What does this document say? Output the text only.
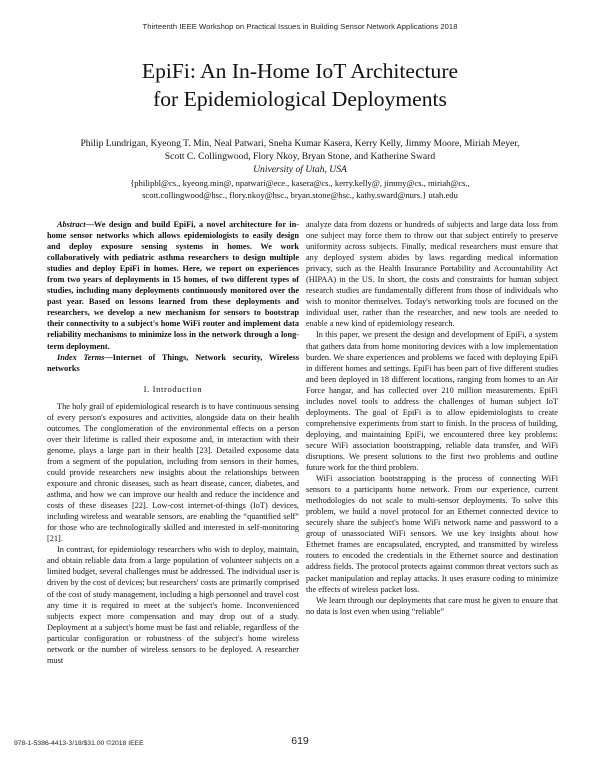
Thirteenth IEEE Workshop on Practical Issues in Building Sensor Network Applications 2018
EpiFi: An In-Home IoT Architecture
for Epidemiological Deployments
Philip Lundrigan, Kyeong T. Min, Neal Patwari, Sneha Kumar Kasera, Kerry Kelly, Jimmy Moore, Miriah Meyer,
Scott C. Collingwood, Flory Nkoy, Bryan Stone, and Katherine Sward
University of Utah, USA
{philipbl@cs., kyeong.min@, npatwari@ece., kasera@cs., kerry.kelly@, jimmy@cs., miriah@cs.,
scott.collingwood@hsc., flory.nkoy@hsc., bryan.stone@hsc., kathy.sward@nurs.} utah.edu

Abstract—We design and build EpiFi, a novel architecture for in-home sensor networks which allows epidemiologists to easily design and deploy exposure sensing systems in homes. We work collaboratively with pediatric asthma researchers to design multiple studies and deploy EpiFi in homes. Here, we report on experiences from two years of deployments in 15 homes, of two different types of studies, including many deployments continuously monitored over the past year. Based on lessons learned from these deployments and researchers, we develop a new mechanism for sensors to bootstrap their connectivity to a subject's home WiFi router and implement data reliability mechanisms to minimize loss in the network through a long-term deployment.

Index Terms—Internet of Things, Network security, Wireless networks

I. Introduction

The holy grail of epidemiological research is to have continuous sensing of every person's exposures and activities, alongside data on their health outcomes. The conglomeration of the environmental effects on a person over their lifetime is called their exposome and, in interaction with their genome, plays a large part in their health [23]. Detailed exposome data from a segment of the population, including from sensors in their homes, could provide researchers new insights about the relationships between exposure and chronic diseases, such as heart disease, cancer, diabetes, and asthma, and how we can improve our health and reduce the incidence and costs of these diseases [22]. Low-cost internet-of-things (IoT) devices, including wireless and wearable sensors, are enabling the “quantified self” for those who are technologically skilled and interested in self-monitoring [21].

In contrast, for epidemiology researchers who wish to deploy, maintain, and obtain reliable data from a large population of volunteer subjects on a limited budget, several challenges must be addressed. The individual user is driven by the cost of devices; but researchers' costs are primarily comprised of the cost of study management, including a high personnel and travel cost any time it is required to meet at the subject's home. Inconvenienced subjects expect more compensation and may drop out of a study. Deployment at a subject's home must be fast and reliable, regardless of the particular configuration or robustness of the subject's home wireless network or the number of wireless sensors to be deployed. A researcher must

analyze data from dozens or hundreds of subjects and large data loss from one subject may force them to throw out that subject entirely to preserve uniformity across subjects. Finally, medical researchers must ensure that any deployed system abides by laws regarding medical information privacy, such as the Health Insurance Portability and Accountability Act (HIPAA) in the US. In short, the costs and constraints for human subject research studies are fundamentally different from those of individuals who wish to monitor themselves. Today's networking tools are focused on the individual user, rather than the researcher, and new tools are needed to enable a new kind of epidemiology research.

In this paper, we present the design and development of EpiFi, a system that gathers data from home monitoring devices with a low implementation burden. We share experiences and problems we faced with deploying EpiFi in different homes and settings. EpiFi has been part of five different studies and been deployed in 18 different locations, ranging from homes to an Air Force hangar, and has collected over 210 million measurements. EpiFi includes novel tools to address the challenges of human subject IoT deployments. The goal of EpiFi is to allow epidemiologists to create comprehensive experiments from start to finish. In the process of building, deploying, and maintaining EpiFi, we encountered three key problems: secure WiFi association bootstrapping, reliable data transfer, and WiFi disruptions. We present solutions to the first two problems and outline future work for the third problem.

WiFi association bootstrapping is the process of connecting WiFi sensors to a participants home network. From our experience, current methodologies do not scale to multi-sensor deployments. To solve this problem, we build a novel protocol for an Ethernet connected device to securely share the subject's home WiFi network name and password to a group of unassociated WiFi sensors. We use key insights about how Ethernet frames are encapsulated, encrypted, and transmitted by wireless routers to encoded the credentials in the Ethernet source and destination address fields. The protocol protects against common threat vectors such as packet manipulation and replay attacks. It uses erasure coding to minimize the effects of wireless packet loss.

We learn through our deployments that care must be given to ensure that no data is lost even when using “reliable”

978-1-5386-4413-3/18/$31.00 ©2018 IEEE	619
